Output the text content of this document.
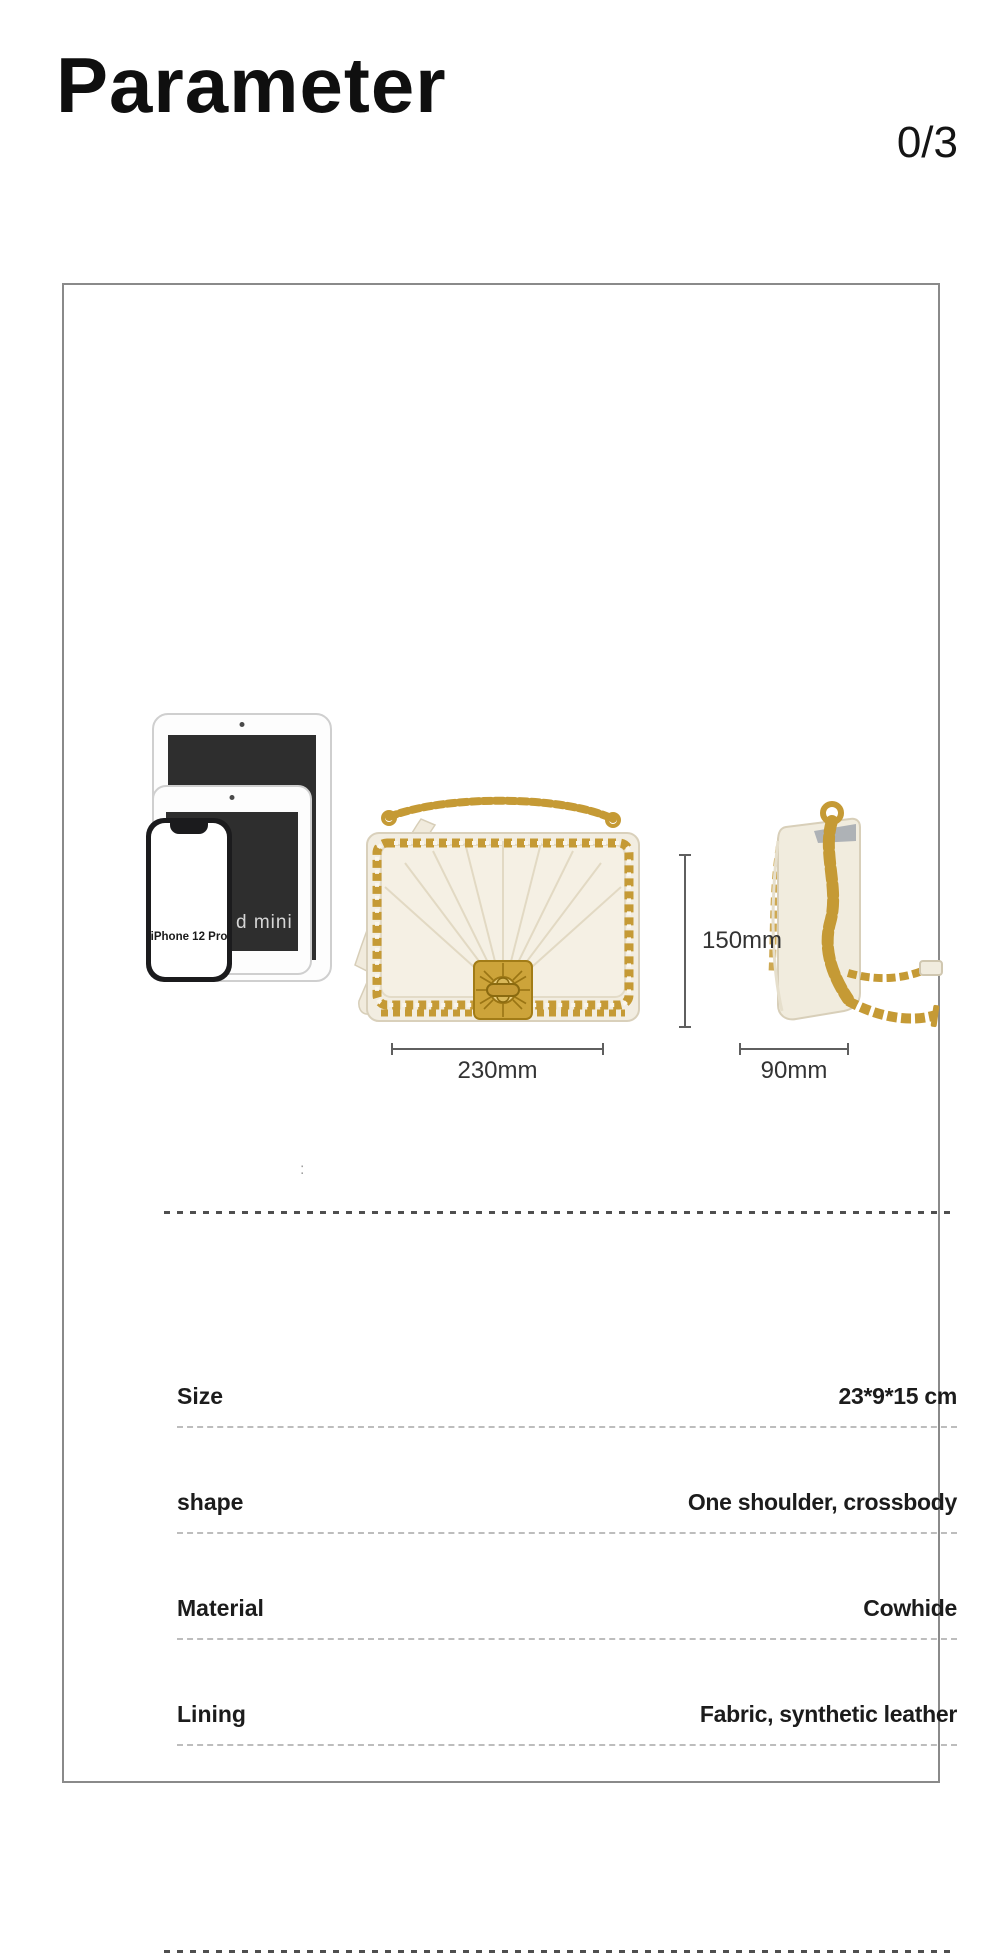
Parameter
0/3
d mini
iPhone 12 Pro	150mm
230mm	90mm
:
Size	23*9*15 cm
shape	One shoulder, crossbody
Material	Cowhide
Lining	Fabric, synthetic leather
